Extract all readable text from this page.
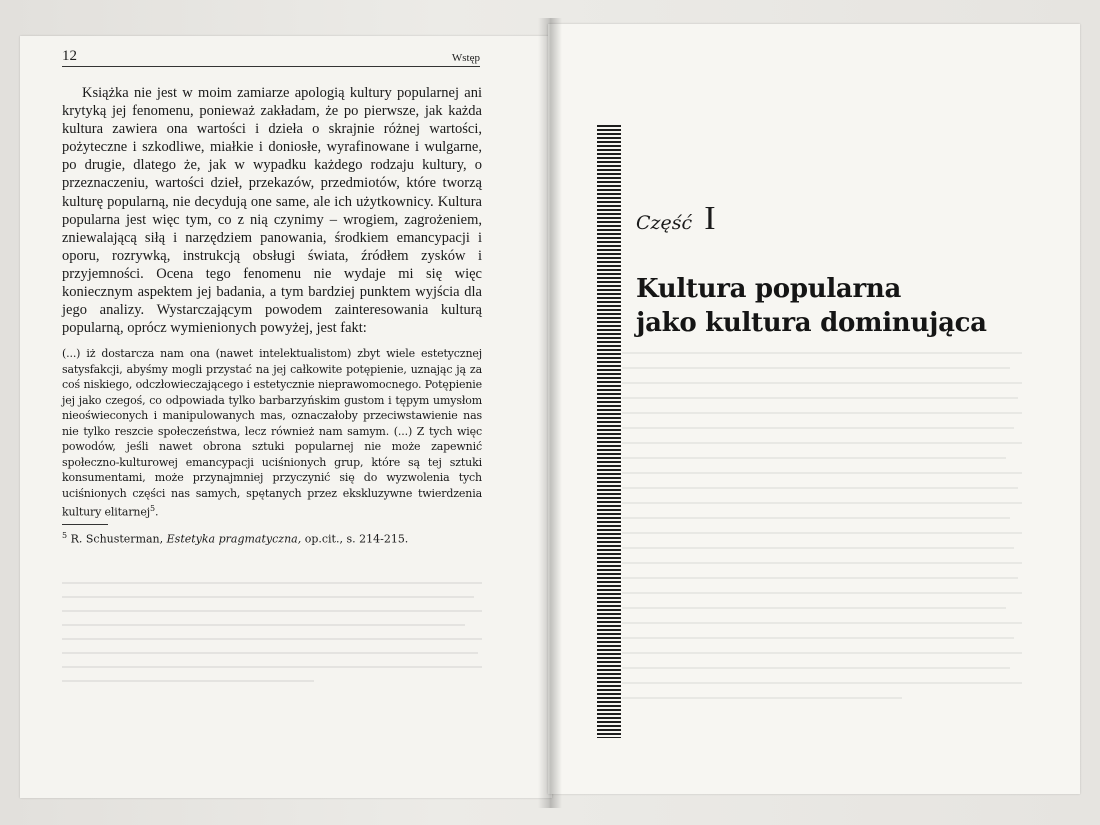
12	Wstęp

Książka nie jest w moim zamiarze apologią kultury popularnej ani krytyką jej fenomenu, ponieważ zakładam, że po pierwsze, jak każda kultura zawiera ona wartości i dzieła o skrajnie różnej wartości, pożyteczne i szkodliwe, miałkie i doniosłe, wyrafinowane i wulgarne, po drugie, dlatego że, jak w wypadku każdego rodzaju kultury, o przeznaczeniu, wartości dzieł, przekazów, przedmiotów, które tworzą kulturę popularną, nie decydują one same, ale ich użytkownicy. Kultura popularna jest więc tym, co z nią czynimy – wrogiem, zagrożeniem, zniewalającą siłą i narzędziem panowania, środkiem emancypacji i oporu, rozrywką, instrukcją obsługi świata, źródłem zysków i przyjemności. Ocena tego fenomenu nie wydaje mi się więc koniecznym aspektem jej badania, a tym bardziej punktem wyjścia dla jego analizy. Wystarczającym powodem zainteresowania kulturą popularną, oprócz wymienionych powyżej, jest fakt:

(...) iż dostarcza nam ona (nawet intelektualistom) zbyt wiele estetycznej satysfakcji, abyśmy mogli przystać na jej całkowite potępienie, uznając ją za coś niskiego, odczłowieczającego i estetycznie nieprawomocnego. Potępienie jej jako czegoś, co odpowiada tylko barbarzyńskim gustom i tępym umysłom nieoświeconych i manipulowanych mas, oznaczałoby przeciwstawienie nas nie tylko reszcie społeczeństwa, lecz również nam samym. (...) Z tych więc powodów, jeśli nawet obrona sztuki popularnej nie może zapewnić społeczno-kulturowej emancypacji uciśnionych grup, które są tej sztuki konsumentami, może przynajmniej przyczynić się do wyzwolenia tych uciśnionych części nas samych, spętanych przez ekskluzywne twierdzenia kultury elitarnej$^5$.

$^5$ R. Schusterman, Estetyka pragmatyczna, op.cit., s. 214-215.
Część I
Kultura popularna
jako kultura dominująca
